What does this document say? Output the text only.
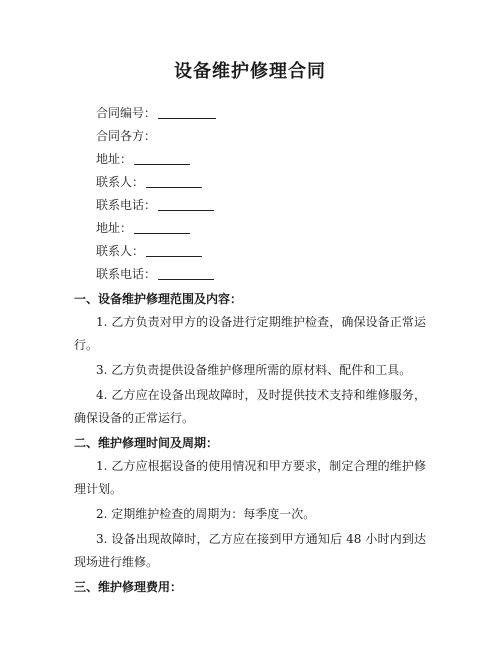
设备维护修理合同
合同编号：
合同各方：
地址：
联系人：
联系电话：
地址：
联系人：
联系电话：
一、设备维护修理范围及内容：
1. 乙方负责对甲方的设备进行定期维护检查，确保设备正常运行。
3. 乙方负责提供设备维护修理所需的原材料、配件和工具。
4. 乙方应在设备出现故障时，及时提供技术支持和维修服务，确保设备的正常运行。
二、维护修理时间及周期：
1. 乙方应根据设备的使用情况和甲方要求，制定合理的维护修理计划。
2. 定期维护检查的周期为：每季度一次。
3. 设备出现故障时，乙方应在接到甲方通知后 48 小时内到达现场进行维修。
三、维护修理费用：
